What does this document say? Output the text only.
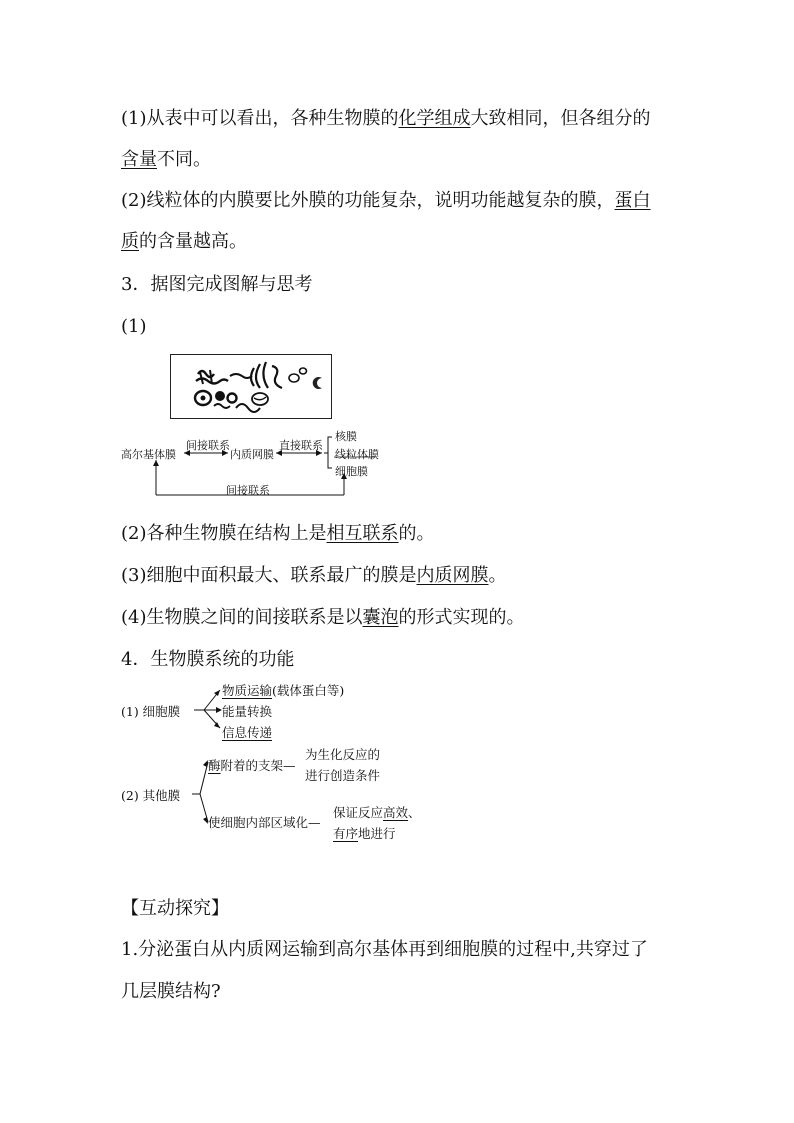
(1)从表中可以看出，各种生物膜的化学组成大致相同，但各组分的
含量不同。
(2)线粒体的内膜要比外膜的功能复杂，说明功能越复杂的膜，蛋白
质的含量越高。
3．据图完成图解与思考
(1)
高尔基体膜	内质网膜
间接联系	直接联系
核膜
线粒体膜
细胞膜
间接联系
(2)各种生物膜在结构上是相互联系的。
(3)细胞中面积最大、联系最广的膜是内质网膜。
(4)生物膜之间的间接联系是以囊泡的形式实现的。
4．生物膜系统的功能
(1) 细胞膜
物质运输(载体蛋白等)
能量转换
信息传递
(2) 其他膜
酶附着的支架—
为生化反应的
进行创造条件
使细胞内部区域化—
保证反应高效、
有序地进行
【互动探究】
1.分泌蛋白从内质网运输到高尔基体再到细胞膜的过程中,共穿过了
几层膜结构?
